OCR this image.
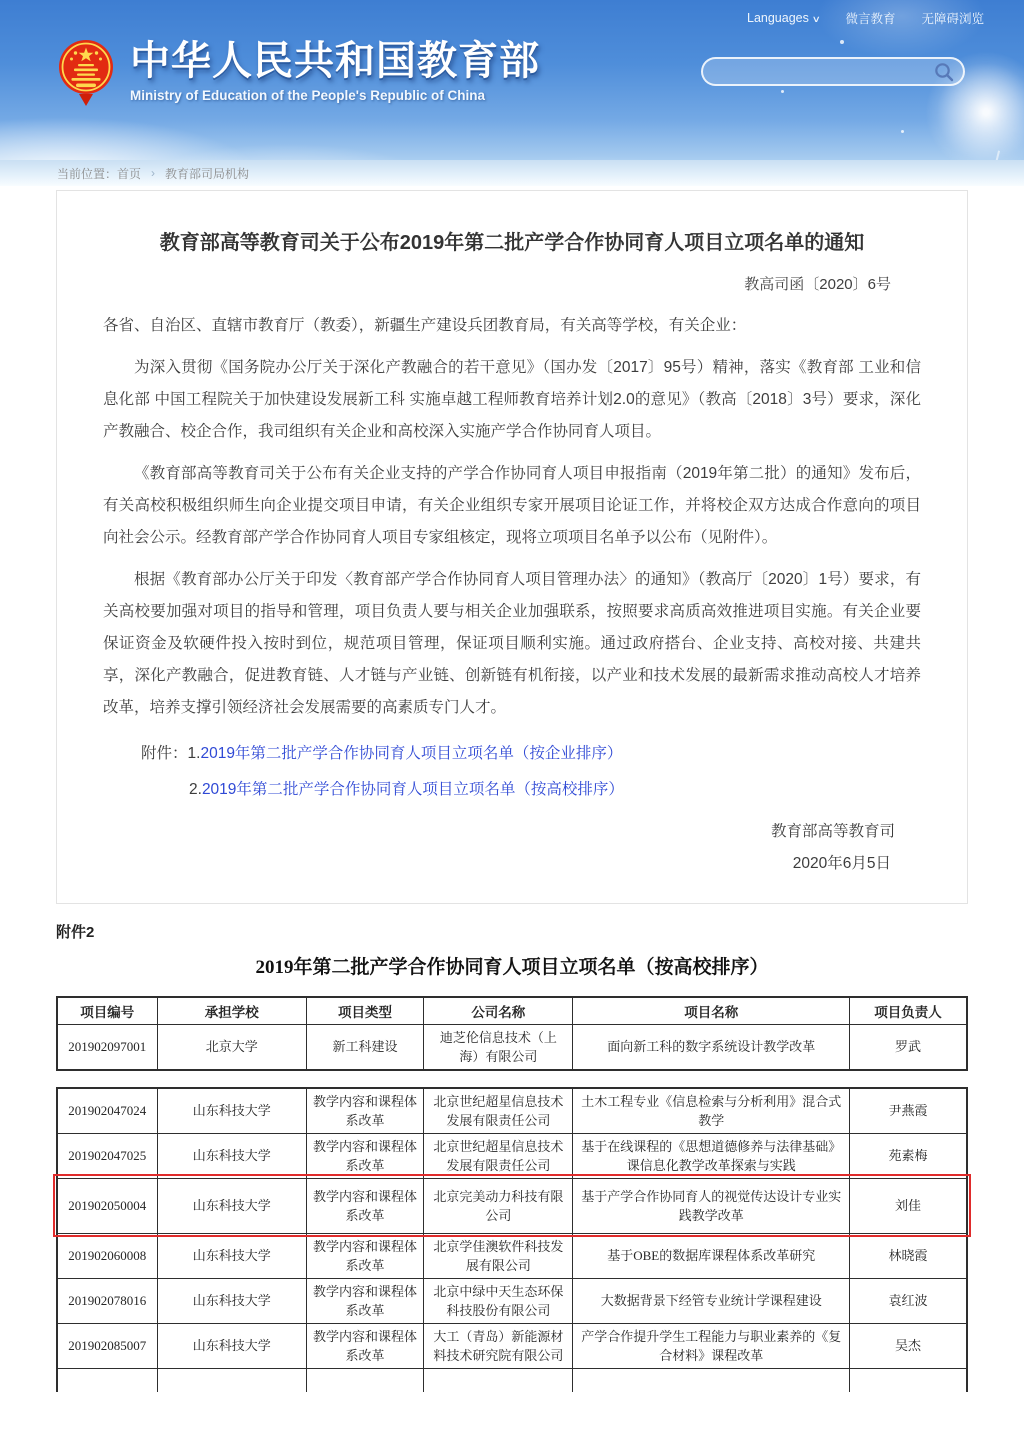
Languages ∨ 微言教育 无障碍浏览
中华人民共和国教育部
Ministry of Education of the People's Republic of China
当前位置： 首页 › 教育部司局机构
教育部高等教育司关于公布2019年第二批产学合作协同育人项目立项名单的通知
教高司函〔2020〕6号
各省、自治区、直辖市教育厅（教委），新疆生产建设兵团教育局，有关高等学校，有关企业：

为深入贯彻《国务院办公厅关于深化产教融合的若干意见》（国办发〔2017〕95号）精神，落实《教育部 工业和信息化部 中国工程院关于加快建设发展新工科 实施卓越工程师教育培养计划2.0的意见》（教高〔2018〕3号）要求，深化产教融合、校企合作，我司组织有关企业和高校深入实施产学合作协同育人项目。

《教育部高等教育司关于公布有关企业支持的产学合作协同育人项目申报指南（2019年第二批）的通知》发布后，有关高校积极组织师生向企业提交项目申请，有关企业组织专家开展项目论证工作，并将校企双方达成合作意向的项目向社会公示。经教育部产学合作协同育人项目专家组核定，现将立项项目名单予以公布（见附件）。

根据《教育部办公厅关于印发〈教育部产学合作协同育人项目管理办法〉的通知》（教高厅〔2020〕1号）要求，有关高校要加强对项目的指导和管理，项目负责人要与相关企业加强联系，按照要求高质高效推进项目实施。有关企业要保证资金及软硬件投入按时到位，规范项目管理，保证项目顺利实施。通过政府搭台、企业支持、高校对接、共建共享，深化产教融合，促进教育链、人才链与产业链、创新链有机衔接，以产业和技术发展的最新需求推动高校人才培养改革，培养支撑引领经济社会发展需要的高素质专门人才。

附件：1.2019年第二批产学合作协同育人项目立项名单（按企业排序）
2.2019年第二批产学合作协同育人项目立项名单（按高校排序）
教育部高等教育司
2020年6月5日
附件2
2019年第二批产学合作协同育人项目立项名单（按高校排序）
项目编号	承担学校	项目类型	公司名称	项目名称	项目负责人
201902097001	北京大学	新工科建设	迪芝伦信息技术（上海）有限公司	面向新工科的数字系统设计教学改革	罗武
201902047024	山东科技大学	教学内容和课程体系改革	北京世纪超星信息技术发展有限责任公司	土木工程专业《信息检索与分析利用》混合式教学	尹燕霞
201902047025	山东科技大学	教学内容和课程体系改革	北京世纪超星信息技术发展有限责任公司	基于在线课程的《思想道德修养与法律基础》课信息化教学改革探索与实践	苑素梅
201902050004	山东科技大学	教学内容和课程体系改革	北京完美动力科技有限公司	基于产学合作协同育人的视觉传达设计专业实践教学改革	刘佳
201902060008	山东科技大学	教学内容和课程体系改革	北京学佳澳软件科技发展有限公司	基于OBE的数据库课程体系改革研究	林晓霞
201902078016	山东科技大学	教学内容和课程体系改革	北京中绿中天生态环保科技股份有限公司	大数据背景下经管专业统计学课程建设	袁红波
201902085007	山东科技大学	教学内容和课程体系改革	大工（青岛）新能源材料技术研究院有限公司	产学合作提升学生工程能力与职业素养的《复合材料》课程改革	吴杰
